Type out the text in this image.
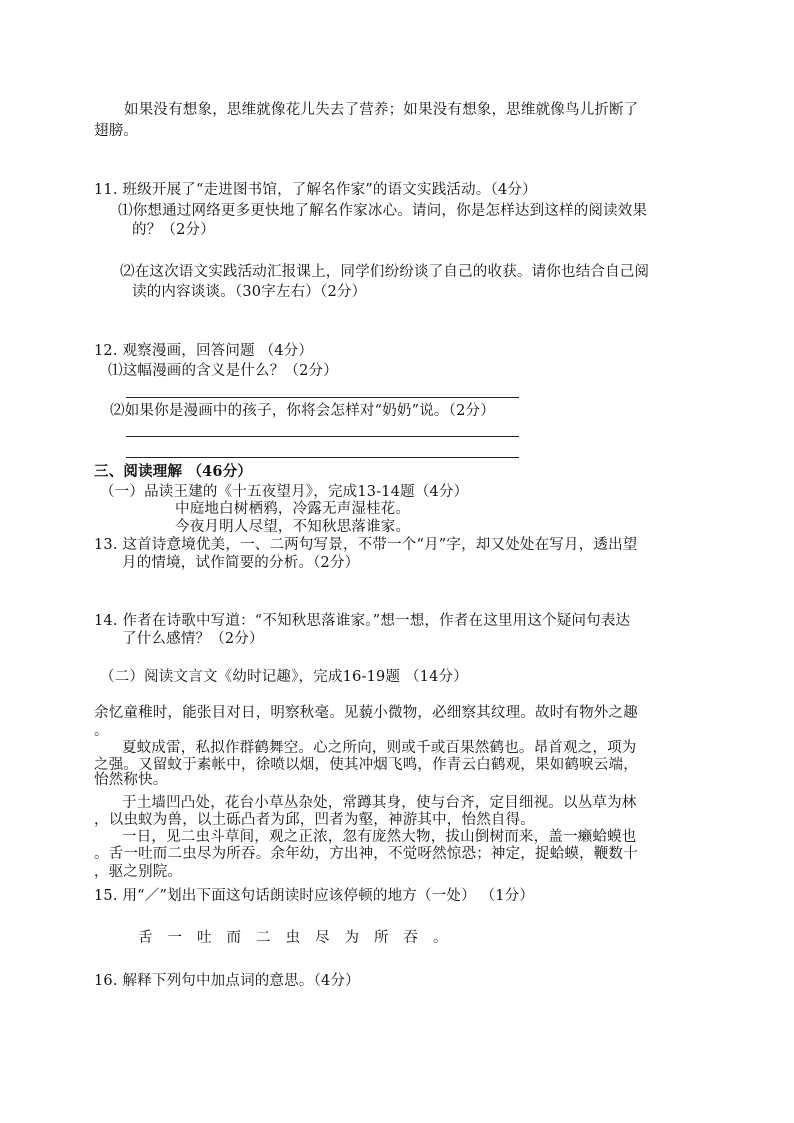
如果没有想象，思维就像花儿失去了营养；如果没有想象，思维就像鸟儿折断了
翅膀。
11. 班级开展了“走进图书馆，了解名作家”的语文实践活动。（4分）
⑴你想通过网络更多更快地了解名作家冰心。请问，你是怎样达到这样的阅读效果
的？（2分）
⑵在这次语文实践活动汇报课上，同学们纷纷谈了自己的收获。请你也结合自己阅
读的内容谈谈。（30字左右）（2分）
12. 观察漫画，回答问题 （4分）
⑴这幅漫画的含义是什么？（2分）
⑵如果你是漫画中的孩子，你将会怎样对“奶奶”说。（2分）
三、阅读理解 （46分）
（一）品读王建的《十五夜望月》，完成13-14题（4分）
中庭地白树栖鸦，冷露无声湿桂花。
今夜月明人尽望，不知秋思落谁家。
13. 这首诗意境优美，一、二两句写景，不带一个“月”字，却又处处在写月，透出望
月的情境，试作简要的分析。（2分）
14. 作者在诗歌中写道：“不知秋思落谁家。”想一想，作者在这里用这个疑问句表达
了什么感情？（2分）
（二）阅读文言文《幼时记趣》，完成16-19题 （14分）
余忆童稚时，能张目对日，明察秋毫。见藐小微物，必细察其纹理。故时有物外之趣
。
夏蚊成雷，私拟作群鹤舞空。心之所向，则或千或百果然鹤也。昂首观之，项为
之强。又留蚊于素帐中，徐喷以烟，使其冲烟飞鸣，作青云白鹤观，果如鹤唳云端，
怡然称快。
于土墙凹凸处，花台小草丛杂处，常蹲其身，使与台齐，定目细视。以丛草为林
，以虫蚁为兽，以土砾凸者为邱，凹者为壑，神游其中，怡然自得。
一日，见二虫斗草间，观之正浓，忽有庞然大物，拔山倒树而来，盖一癞蛤蟆也
。舌一吐而二虫尽为所吞。余年幼，方出神，不觉呀然惊恐；神定，捉蛤蟆，鞭数十
，驱之别院。
15. 用“／”划出下面这句话朗读时应该停顿的地方（一处） （1分）
舌一吐而二虫尽为所吞。
16. 解释下列句中加点词的意思。（4分）
